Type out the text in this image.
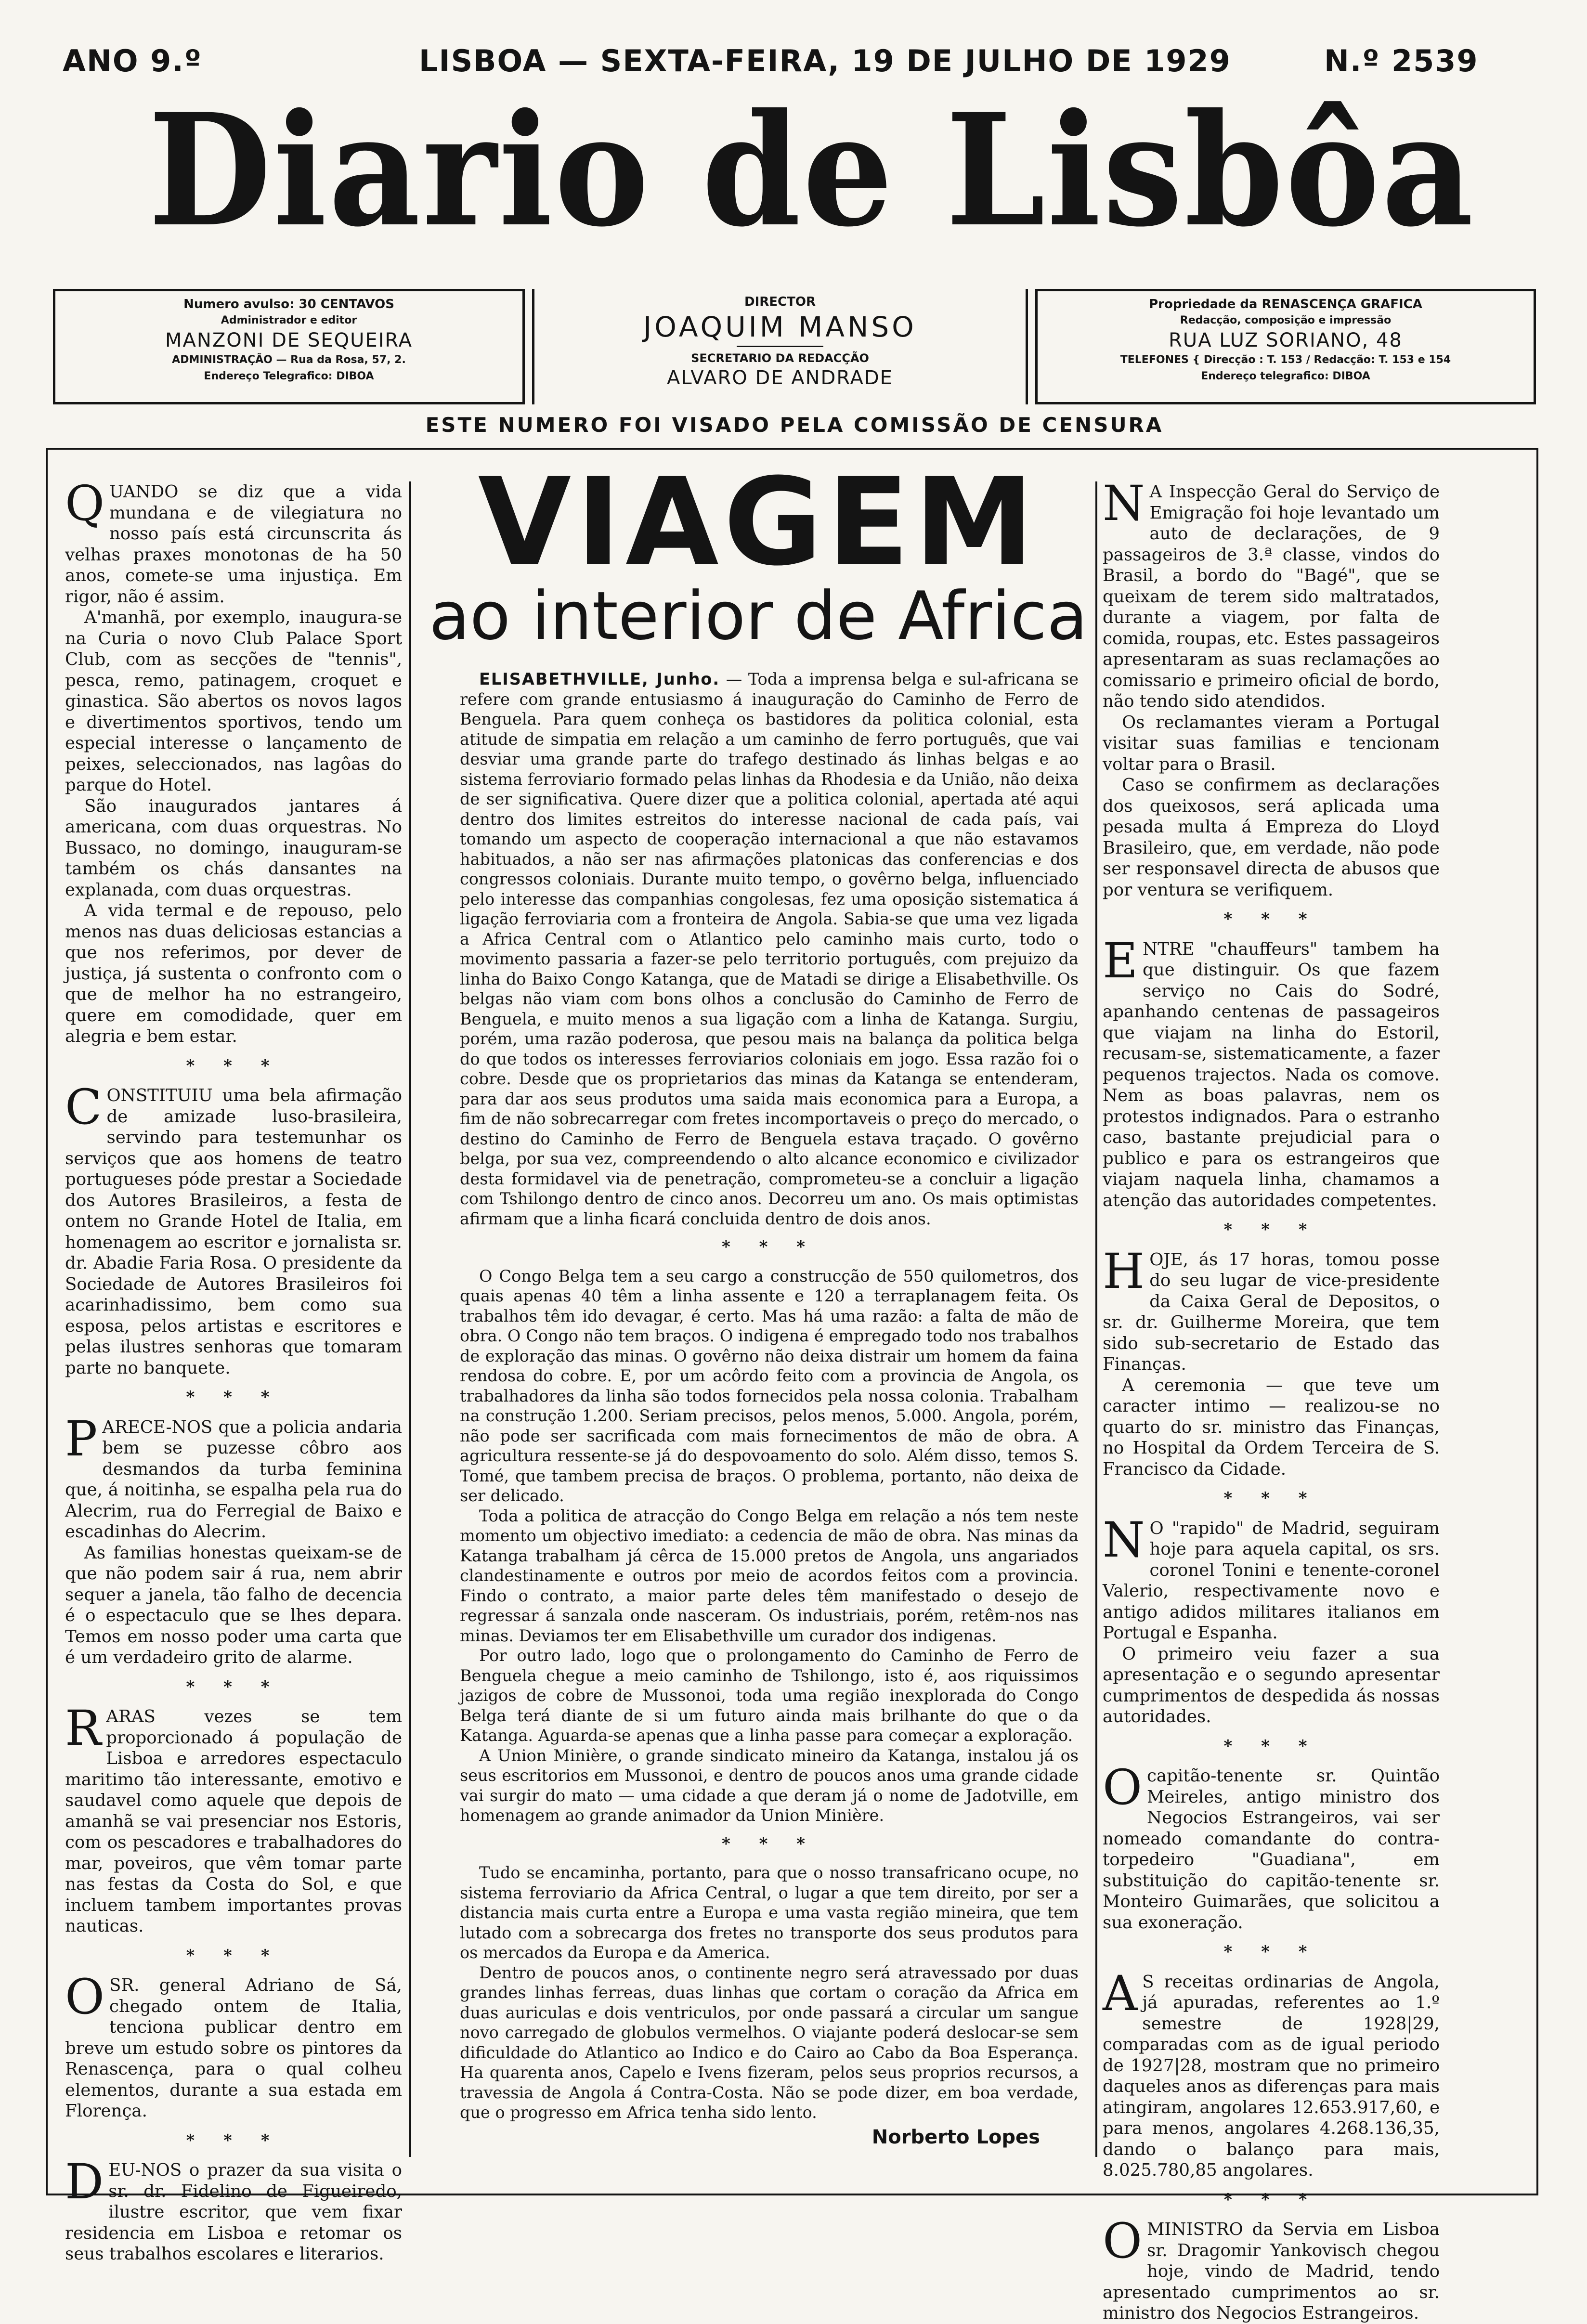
ANO 9.º	LISBOA — SEXTA-FEIRA, 19 DE JULHO DE 1929	N.º 2539
Diario de Lisbôa
Numero avulso: 30 CENTAVOS
Administrador e editor
MANZONI DE SEQUEIRA
ADMINISTRAÇÃO — Rua da Rosa, 57, 2.
Endereço Telegrafico: DIBOA
DIRECTOR
JOAQUIM MANSO
SECRETARIO DA REDACÇÃO
ALVARO DE ANDRADE
Propriedade da RENASCENÇA GRAFICA
Redacção, composição e impressão
RUA LUZ SORIANO, 48
TELEFONES { Direcção : T. 153 / Redacção: T. 153 e 154
Endereço telegrafico: DIBOA
ESTE NUMERO FOI VISADO PELA COMISSÃO DE CENSURA

QUANDO se diz que a vida mundana e de vilegiatura no nosso país está circunscrita ás velhas praxes monotonas de ha 50 anos, comete-se uma injustiça. Em rigor, não é assim.

A'manhã, por exemplo, inaugura-se na Curia o novo Club Palace Sport Club, com as secções de "tennis", pesca, remo, patinagem, croquet e ginastica. São abertos os novos lagos e divertimentos sportivos, tendo um especial interesse o lançamento de peixes, seleccionados, nas lagôas do parque do Hotel.

São inaugurados jantares á americana, com duas orquestras. No Bussaco, no domingo, inauguram-se também os chás dansantes na explanada, com duas orquestras.

A vida termal e de repouso, pelo menos nas duas deliciosas estancias a que nos referimos, por dever de justiça, já sustenta o confronto com o que de melhor ha no estrangeiro, quere em comodidade, quer em alegria e bem estar.

* * *

CONSTITUIU uma bela afirmação de amizade luso-brasileira, servindo para testemunhar os serviços que aos homens de teatro portugueses póde prestar a Sociedade dos Autores Brasileiros, a festa de ontem no Grande Hotel de Italia, em homenagem ao escritor e jornalista sr. dr. Abadie Faria Rosa. O presidente da Sociedade de Autores Brasileiros foi acarinhadissimo, bem como sua esposa, pelos artistas e escritores e pelas ilustres senhoras que tomaram parte no banquete.

* * *

PARECE-NOS que a policia andaria bem se puzesse côbro aos desmandos da turba feminina que, á noitinha, se espalha pela rua do Alecrim, rua do Ferregial de Baixo e escadinhas do Alecrim.

As familias honestas queixam-se de que não podem sair á rua, nem abrir sequer a janela, tão falho de decencia é o espectaculo que se lhes depara. Temos em nosso poder uma carta que é um verdadeiro grito de alarme.

* * *

RARAS vezes se tem proporcionado á população de Lisboa e arredores espectaculo maritimo tão interessante, emotivo e saudavel como aquele que depois de amanhã se vai presenciar nos Estoris, com os pescadores e trabalhadores do mar, poveiros, que vêm tomar parte nas festas da Costa do Sol, e que incluem tambem importantes provas nauticas.

* * *

OSR. general Adriano de Sá, chegado ontem de Italia, tenciona publicar dentro em breve um estudo sobre os pintores da Renascença, para o qual colheu elementos, durante a sua estada em Florença.

* * *

DEU-NOS o prazer da sua visita o sr. dr. Fidelino de Figueiredo, ilustre escritor, que vem fixar residencia em Lisboa e retomar os seus trabalhos escolares e literarios.

VIAGEM
ao interior de Africa

ELISABETHVILLE, Junho. — Toda a imprensa belga e sul-africana se refere com grande entusiasmo á inauguração do Caminho de Ferro de Benguela. Para quem conheça os bastidores da politica colonial, esta atitude de simpatia em relação a um caminho de ferro português, que vai desviar uma grande parte do trafego destinado ás linhas belgas e ao sistema ferroviario formado pelas linhas da Rhodesia e da União, não deixa de ser significativa. Quere dizer que a politica colonial, apertada até aqui dentro dos limites estreitos do interesse nacional de cada país, vai tomando um aspecto de cooperação internacional a que não estavamos habituados, a não ser nas afirmações platonicas das conferencias e dos congressos coloniais. Durante muito tempo, o govêrno belga, influenciado pelo interesse das companhias congolesas, fez uma oposição sistematica á ligação ferroviaria com a fronteira de Angola. Sabia-se que uma vez ligada a Africa Central com o Atlantico pelo caminho mais curto, todo o movimento passaria a fazer-se pelo territorio português, com prejuizo da linha do Baixo Congo Katanga, que de Matadi se dirige a Elisabethville. Os belgas não viam com bons olhos a conclusão do Caminho de Ferro de Benguela, e muito menos a sua ligação com a linha de Katanga. Surgiu, porém, uma razão poderosa, que pesou mais na balança da politica belga do que todos os interesses ferroviarios coloniais em jogo. Essa razão foi o cobre. Desde que os proprietarios das minas da Katanga se entenderam, para dar aos seus produtos uma saida mais economica para a Europa, a fim de não sobrecarregar com fretes incomportaveis o preço do mercado, o destino do Caminho de Ferro de Benguela estava traçado. O govêrno belga, por sua vez, compreendendo o alto alcance economico e civilizador desta formidavel via de penetração, comprometeu-se a concluir a ligação com Tshilongo dentro de cinco anos. Decorreu um ano. Os mais optimistas afirmam que a linha ficará concluida dentro de dois anos.

* * *

O Congo Belga tem a seu cargo a construcção de 550 quilometros, dos quais apenas 40 têm a linha assente e 120 a terraplanagem feita. Os trabalhos têm ido devagar, é certo. Mas há uma razão: a falta de mão de obra. O Congo não tem braços. O indigena é empregado todo nos trabalhos de exploração das minas. O govêrno não deixa distrair um homem da faina rendosa do cobre. E, por um acôrdo feito com a provincia de Angola, os trabalhadores da linha são todos fornecidos pela nossa colonia. Trabalham na construção 1.200. Seriam precisos, pelos menos, 5.000. Angola, porém, não pode ser sacrificada com mais fornecimentos de mão de obra. A agricultura ressente-se já do despovoamento do solo. Além disso, temos S. Tomé, que tambem precisa de braços. O problema, portanto, não deixa de ser delicado.

Toda a politica de atracção do Congo Belga em relação a nós tem neste momento um objectivo imediato: a cedencia de mão de obra. Nas minas da Katanga trabalham já cêrca de 15.000 pretos de Angola, uns angariados clandestinamente e outros por meio de acordos feitos com a provincia. Findo o contrato, a maior parte deles têm manifestado o desejo de regressar á sanzala onde nasceram. Os industriais, porém, retêm-nos nas minas. Deviamos ter em Elisabethville um curador dos indigenas.

Por outro lado, logo que o prolongamento do Caminho de Ferro de Benguela chegue a meio caminho de Tshilongo, isto é, aos riquissimos jazigos de cobre de Mussonoi, toda uma região inexplorada do Congo Belga terá diante de si um futuro ainda mais brilhante do que o da Katanga. Aguarda-se apenas que a linha passe para começar a exploração.

A Union Minière, o grande sindicato mineiro da Katanga, instalou já os seus escritorios em Mussonoi, e dentro de poucos anos uma grande cidade vai surgir do mato — uma cidade a que deram já o nome de Jadotville, em homenagem ao grande animador da Union Minière.

* * *

Tudo se encaminha, portanto, para que o nosso transafricano ocupe, no sistema ferroviario da Africa Central, o lugar a que tem direito, por ser a distancia mais curta entre a Europa e uma vasta região mineira, que tem lutado com a sobrecarga dos fretes no transporte dos seus produtos para os mercados da Europa e da America.

Dentro de poucos anos, o continente negro será atravessado por duas grandes linhas ferreas, duas linhas que cortam o coração da Africa em duas auriculas e dois ventriculos, por onde passará a circular um sangue novo carregado de globulos vermelhos. O viajante poderá deslocar-se sem dificuldade do Atlantico ao Indico e do Cairo ao Cabo da Boa Esperança. Ha quarenta anos, Capelo e Ivens fizeram, pelos seus proprios recursos, a travessia de Angola á Contra-Costa. Não se pode dizer, em boa verdade, que o progresso em Africa tenha sido lento.

Norberto Lopes

N A Inspecção Geral do Serviço de Emigração foi hoje levantado um auto de declarações, de 9 passageiros de 3.ª classe, vindos do Brasil, a bordo do "Bagé", que se queixam de terem sido maltratados, durante a viagem, por falta de comida, roupas, etc. Estes passageiros apresentaram as suas reclamações ao comissario e primeiro oficial de bordo, não tendo sido atendidos.

Os reclamantes vieram a Portugal visitar suas familias e tencionam voltar para o Brasil.

Caso se confirmem as declarações dos queixosos, será aplicada uma pesada multa á Empreza do Lloyd Brasileiro, que, em verdade, não pode ser responsavel directa de abusos que por ventura se verifiquem.

* * *

ENTRE "chauffeurs" tambem ha que distinguir. Os que fazem serviço no Cais do Sodré, apanhando centenas de passageiros que viajam na linha do Estoril, recusam-se, sistematicamente, a fazer pequenos trajectos. Nada os comove. Nem as boas palavras, nem os protestos indignados. Para o estranho caso, bastante prejudicial para o publico e para os estrangeiros que viajam naquela linha, chamamos a atenção das autoridades competentes.

* * *

HOJE, ás 17 horas, tomou posse do seu lugar de vice-presidente da Caixa Geral de Depositos, o sr. dr. Guilherme Moreira, que tem sido sub-secretario de Estado das Finanças.

A ceremonia — que teve um caracter intimo — realizou-se no quarto do sr. ministro das Finanças, no Hospital da Ordem Terceira de S. Francisco da Cidade.

* * *

N O "rapido" de Madrid, seguiram hoje para aquela capital, os srs. coronel Tonini e tenente-coronel Valerio, respectivamente novo e antigo adidos militares italianos em Portugal e Espanha.

O primeiro veiu fazer a sua apresentação e o segundo apresentar cumprimentos de despedida ás nossas autoridades.

* * *

Ocapitão-tenente sr. Quintão Meireles, antigo ministro dos Negocios Estrangeiros, vai ser nomeado comandante do contra-torpedeiro "Guadiana", em substituição do capitão-tenente sr. Monteiro Guimarães, que solicitou a sua exoneração.

* * *

A S receitas ordinarias de Angola, já apuradas, referentes ao 1.º semestre de 1928|29, comparadas com as de igual periodo de 1927|28, mostram que no primeiro daqueles anos as diferenças para mais atingiram, angolares 12.653.917,60, e para menos, angolares 4.268.136,35, dando o balanço para mais, 8.025.780,85 angolares.

* * *

OMINISTRO da Servia em Lisboa sr. Dragomir Yankovisch chegou hoje, vindo de Madrid, tendo apresentado cumprimentos ao sr. ministro dos Negocios Estrangeiros.
